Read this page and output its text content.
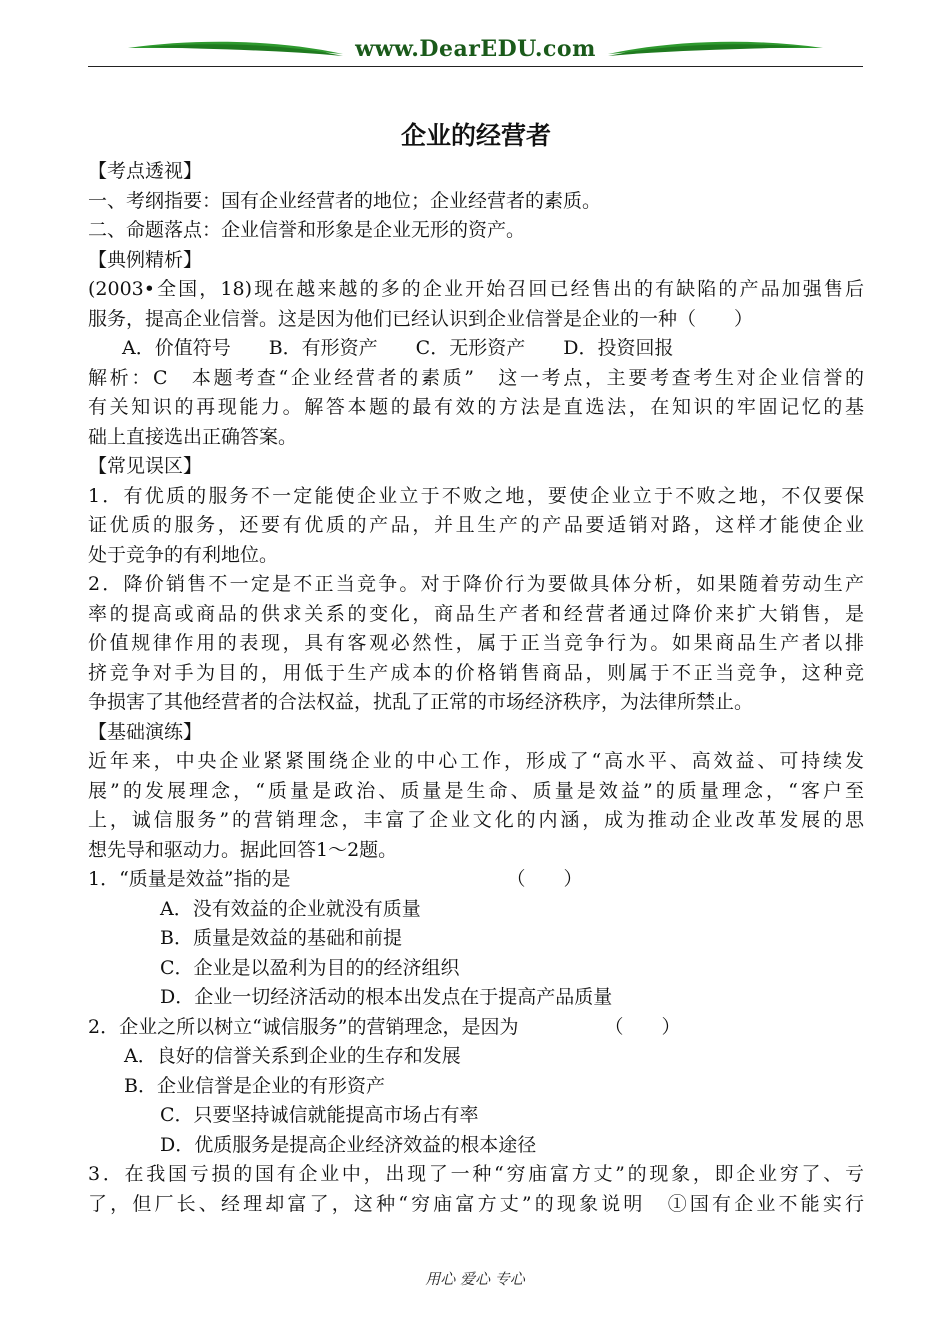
www.DearEDU.com
企业的经营者
【考点透视】
一、考纲指要：国有企业经营者的地位；企业经营者的素质。
二、命题落点：企业信誉和形象是企业无形的资产。
【典例精析】
(2003•全国，18)现在越来越的多的企业开始召回已经售出的有缺陷的产品加强售后
服务，提高企业信誉。这是因为他们已经认识到企业信誉是企业的一种（　　）
A．价值符号　　B．有形资产　　C．无形资产　　D．投资回报
解析：C　本题考查“企业经营者的素质”　这一考点，主要考查考生对企业信誉的
有关知识的再现能力。解答本题的最有效的方法是直选法，在知识的牢固记忆的基
础上直接选出正确答案。
【常见误区】
1．有优质的服务不一定能使企业立于不败之地，要使企业立于不败之地，不仅要保
证优质的服务，还要有优质的产品，并且生产的产品要适销对路，这样才能使企业
处于竞争的有利地位。
2．降价销售不一定是不正当竞争。对于降价行为要做具体分析，如果随着劳动生产
率的提高或商品的供求关系的变化，商品生产者和经营者通过降价来扩大销售，是
价值规律作用的表现，具有客观必然性，属于正当竞争行为。如果商品生产者以排
挤竞争对手为目的，用低于生产成本的价格销售商品，则属于不正当竞争，这种竞
争损害了其他经营者的合法权益，扰乱了正常的市场经济秩序，为法律所禁止。
【基础演练】
近年来，中央企业紧紧围绕企业的中心工作，形成了“高水平、高效益、可持续发
展”的发展理念，“质量是政治、质量是生命、质量是效益”的质量理念，“客户至
上，诚信服务”的营销理念，丰富了企业文化的内涵，成为推动企业改革发展的思
想先导和驱动力。据此回答1～2题。
1．“质量是效益”指的是	（　　）
A．没有效益的企业就没有质量
B．质量是效益的基础和前提
C．企业是以盈利为目的的经济组织
D．企业一切经济活动的根本出发点在于提高产品质量
2．企业之所以树立“诚信服务”的营销理念，是因为	（　　）
A．良好的信誉关系到企业的生存和发展
B．企业信誉是企业的有形资产
C．只要坚持诚信就能提高市场占有率
D．优质服务是提高企业经济效益的根本途径
3．在我国亏损的国有企业中，出现了一种“穷庙富方丈”的现象，即企业穷了、亏
了，但厂长、经理却富了，这种“穷庙富方丈”的现象说明　①国有企业不能实行
用心 爱心 专心
